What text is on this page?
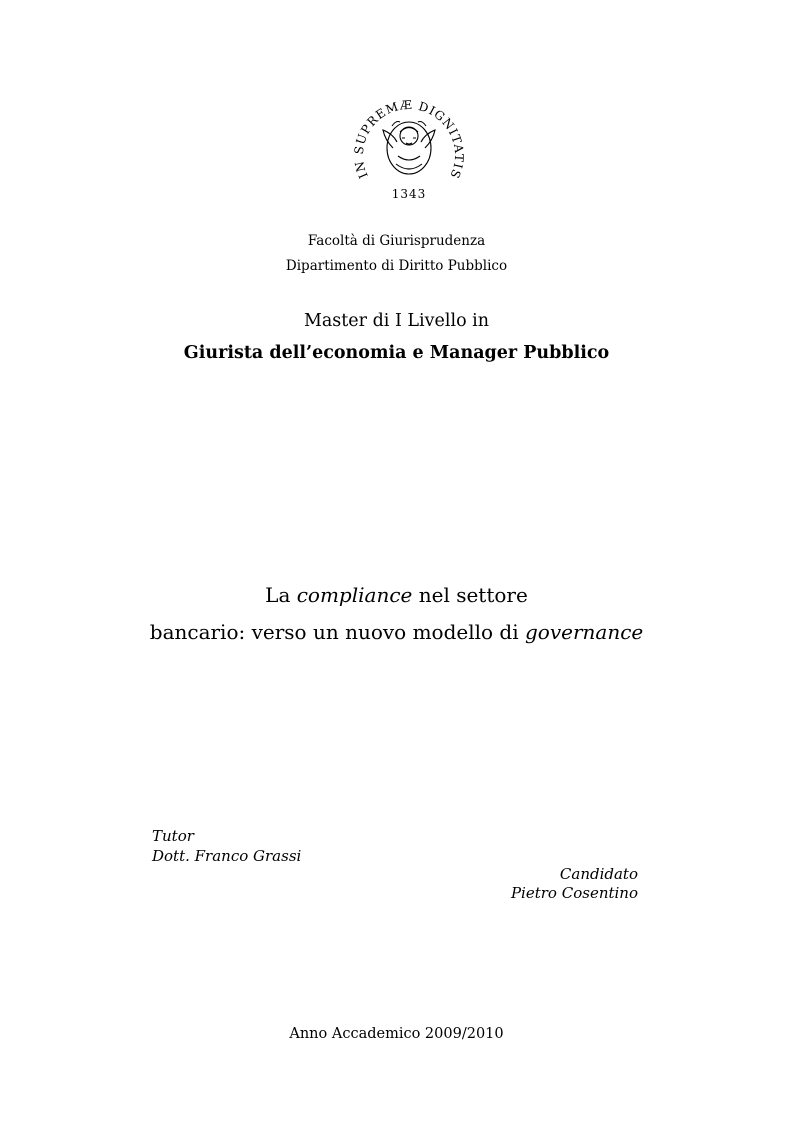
IN SUPREMÆ DIGNITATIS
1343
Facoltà di Giurisprudenza
Dipartimento di Diritto Pubblico
Master di I Livello in
Giurista dell’economia e Manager Pubblico
La compliance nel settore
bancario: verso un nuovo modello di governance
Tutor
Dott. Franco Grassi
Candidato
Pietro Cosentino
Anno Accademico 2009/2010
